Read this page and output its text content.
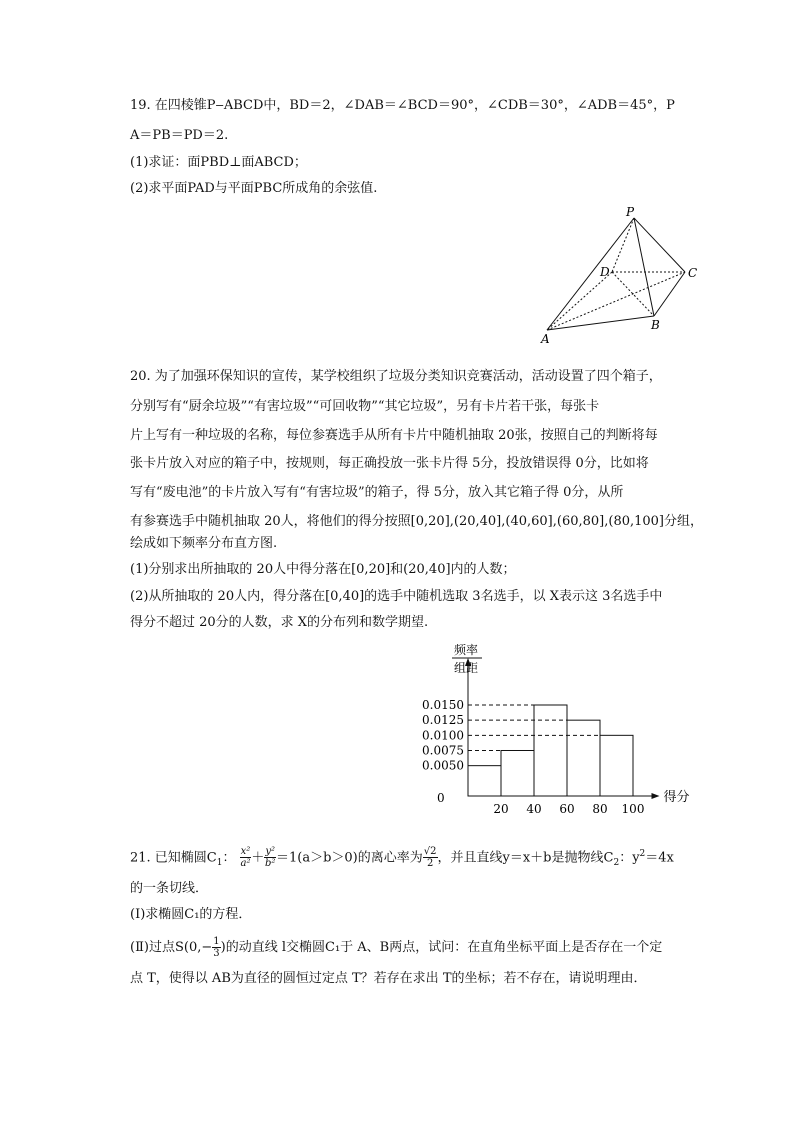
19. 在四棱锥P‒ABCD中，BD＝2，∠DAB＝∠BCD＝90°，∠CDB＝30°，∠ADB＝45°，P
A＝PB＝PD＝2.
(1)求证：面PBD⊥面ABCD；
(2)求平面PAD与平面PBC所成角的余弦值.
P
D	C
A
B
20. 为了加强环保知识的宣传，某学校组织了垃圾分类知识竞赛活动，活动设置了四个箱子，
分别写有“厨余垃圾”“有害垃圾”“可回收物”“其它垃圾”，另有卡片若干张，每张卡
片上写有一种垃圾的名称，每位参赛选手从所有卡片中随机抽取 20张，按照自己的判断将每
张卡片放入对应的箱子中，按规则，每正确投放一张卡片得 5分，投放错误得 0分，比如将
写有“废电池”的卡片放入写有“有害垃圾”的箱子，得 5分，放入其它箱子得 0分，从所
有参赛选手中随机抽取 20人，将他们的得分按照[0,20],(20,40],(40,60],(60,80],(80,100]分组，
绘成如下频率分布直方图.
(1)分别求出所抽取的 20人中得分落在[0,20]和(20,40]内的人数；
(2)从所抽取的 20人内，得分落在[0,40]的选手中随机选取 3名选手，以 X表示这 3名选手中
得分不超过 20分的人数，求 X的分布列和数学期望.
0.0150
0.0125
0.0100
0.0075
0.0050
20 40 60 80 100
0	得分
频率
组距
21. 已知椭圆$C_1$： $\frac{\text{x²}}{\text{a²}} + \frac{\text{y²}}{\text{b²}} =1(a>b>0)$的离心率为 $\frac{√2}{2}$ ，并且直线y＝x＋b是抛物线$C_2$：$y^2=4x$
的一条切线．
(Ⅰ)求椭圆C₁的方程．
(Ⅱ)过点$S(0,- \frac{1}{3}$ )的动直线 l交椭圆C₁于 A、B两点，试问：在直角坐标平面上是否存在一个定
点 T，使得以 AB为直径的圆恒过定点 T？若存在求出 T的坐标；若不存在，请说明理由．
